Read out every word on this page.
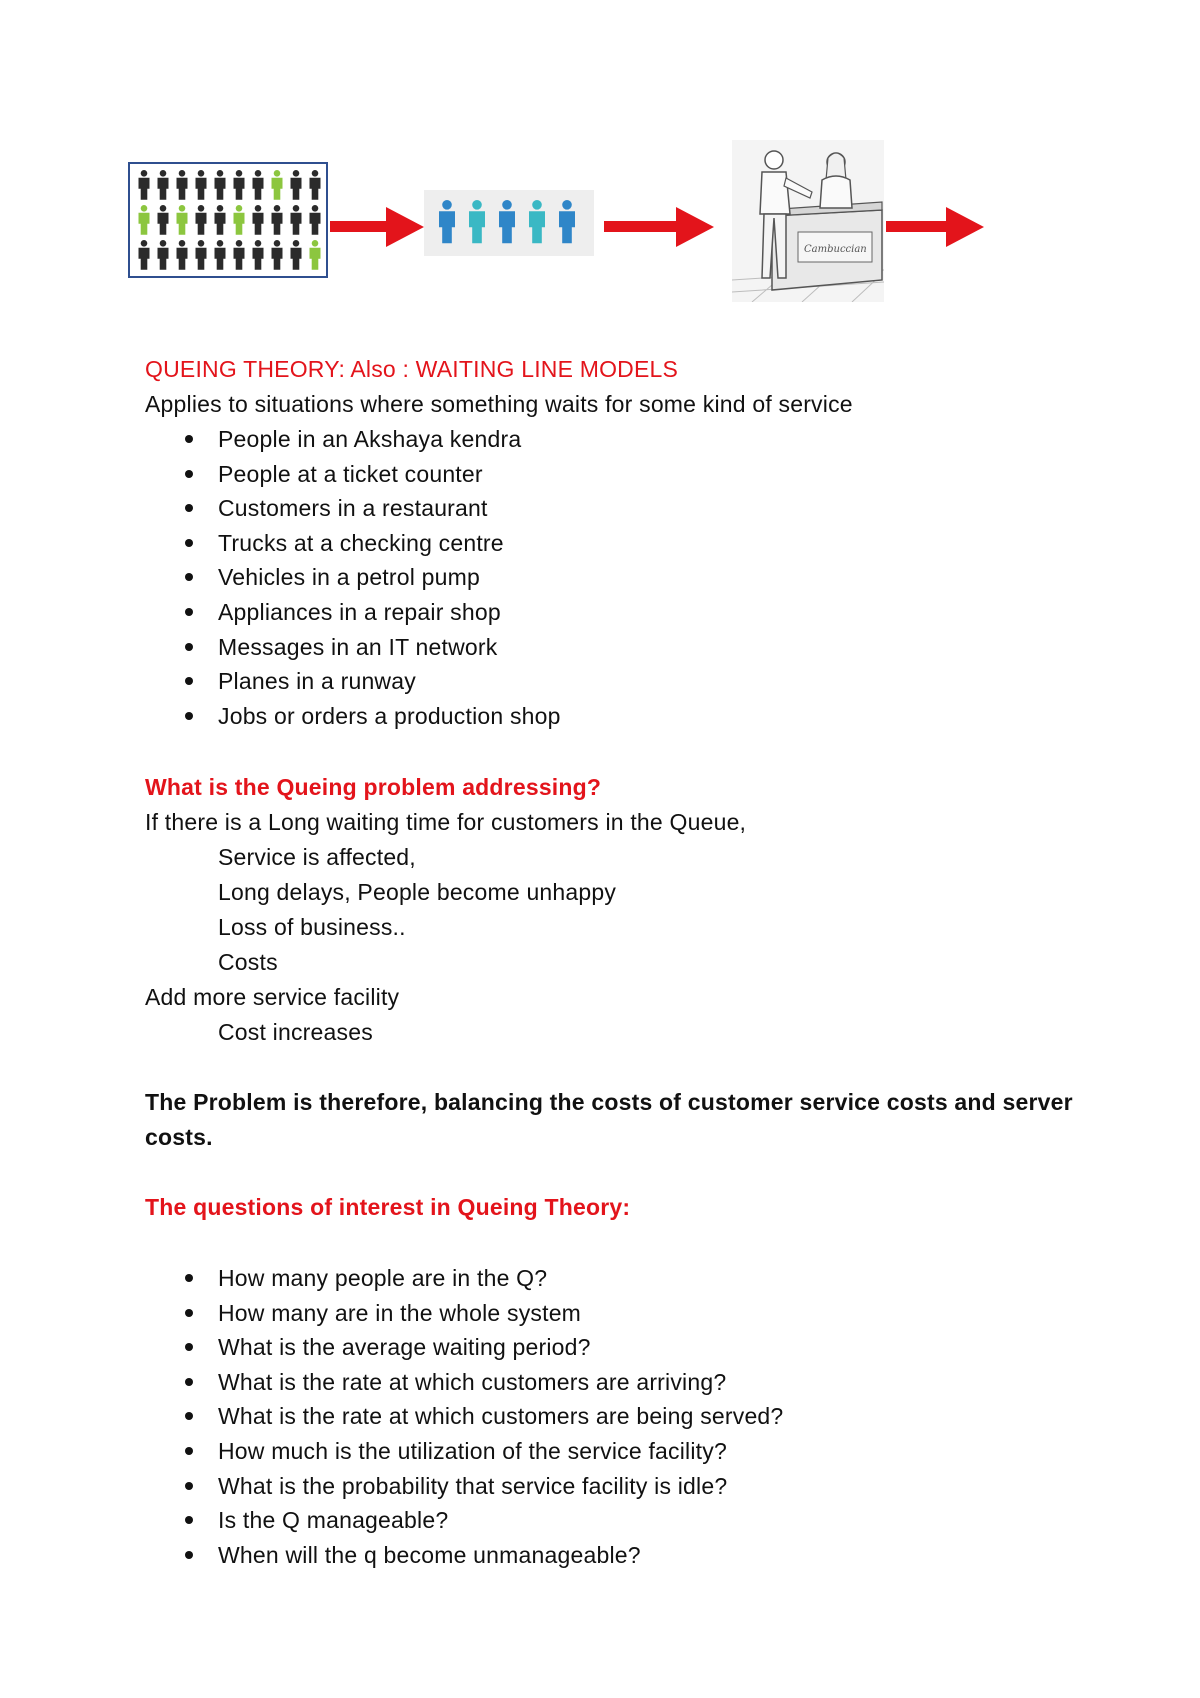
Cambuccian
QUEING THEORY: Also : WAITING LINE MODELS
Applies to situations where something waits for some kind of service
People in an Akshaya kendra
People at a ticket counter
Customers in a restaurant
Trucks at a checking centre
Vehicles in a petrol pump
Appliances in a repair shop
Messages in an IT network
Planes in a runway
Jobs or orders a production shop
What is the Queing problem addressing?
If there is a Long waiting time for customers in the Queue,
Service is affected,
Long delays, People become unhappy
Loss of business..
Costs
Add more service facility
Cost increases
The Problem is therefore, balancing the costs of customer service costs and server costs.
The questions of interest in Queing Theory:
How many people are in the Q?
How many are in the whole system
What is the average waiting period?
What is the rate at which customers are arriving?
What is the rate at which customers are being served?
How much is the utilization of the service facility?
What is the probability that service facility is idle?
Is the Q manageable?
When will the q become unmanageable?
